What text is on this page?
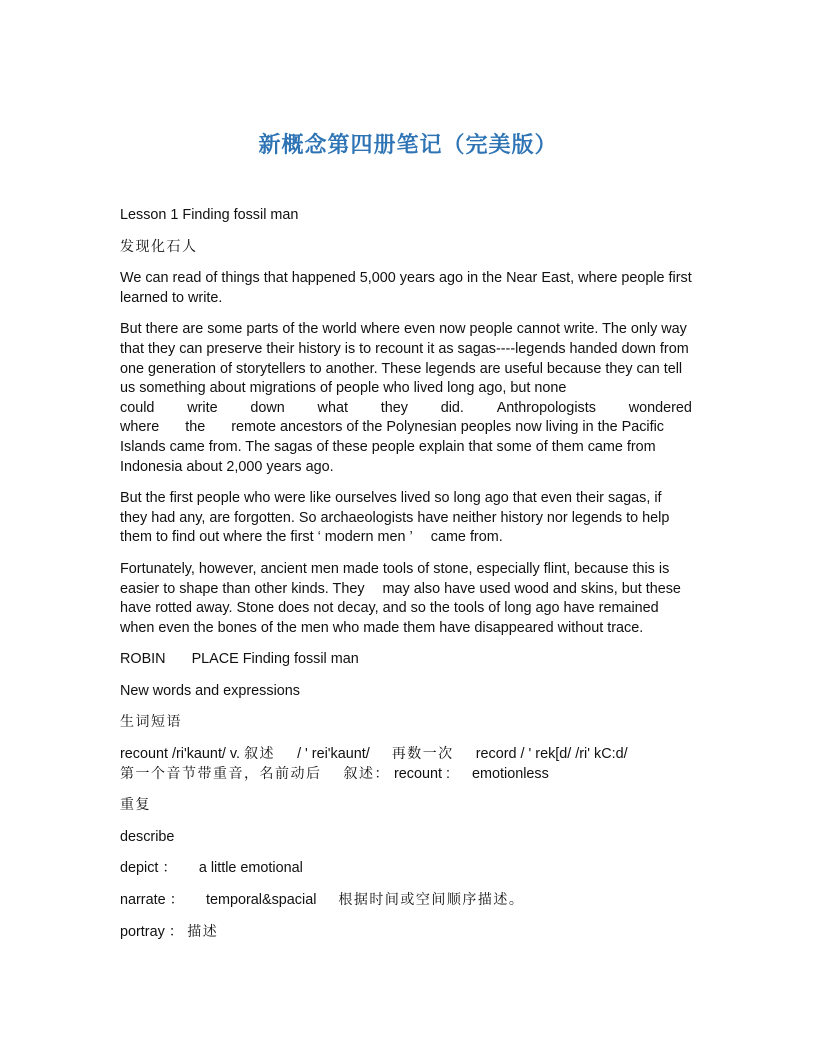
新概念第四册笔记（完美版）

Lesson 1 Finding fossil man

发现化石人

We can read of things that happened 5,000 years ago in the Near East, where people first learned to write.

But there are some parts of the world where even now people cannot write. The only way that they can preserve their history is to recount it as sagas----legends handed down from one generation of storytellers to another. These legends are useful because they can tell us something about migrations of people who lived long ago, but none
could write down what they did. Anthropologists wondered
where the remote ancestors of the Polynesian peoples now living in the Pacific
Islands came from. The sagas of these people explain that some of them came from Indonesia about 2,000 years ago.

But the first people who were like ourselves lived so long ago that even their sagas, if they had any, are forgotten. So archaeologists have neither history nor legends to help them to find out where the first ‘ modern men ’ came from.

Fortunately, however, ancient men made tools of stone, especially flint, because this is easier to shape than other kinds. They may also have used wood and skins, but these have rotted away. Stone does not decay, and so the tools of long ago have remained when even the bones of the men who made them have disappeared without trace.

ROBIN PLACE Finding fossil man

New words and expressions

生词短语

recount /ri'kaunt/ v. 叙述 / ' rei'kaunt/ 再数一次 record / ' rek[d/ /ri' kC:d/
第一个音节带重音，名前动后 叙述： recount : emotionless

重复

describe

depict ： a little emotional

narrate ： temporal&spacial 根据时间或空间顺序描述。

portray ： 描述
